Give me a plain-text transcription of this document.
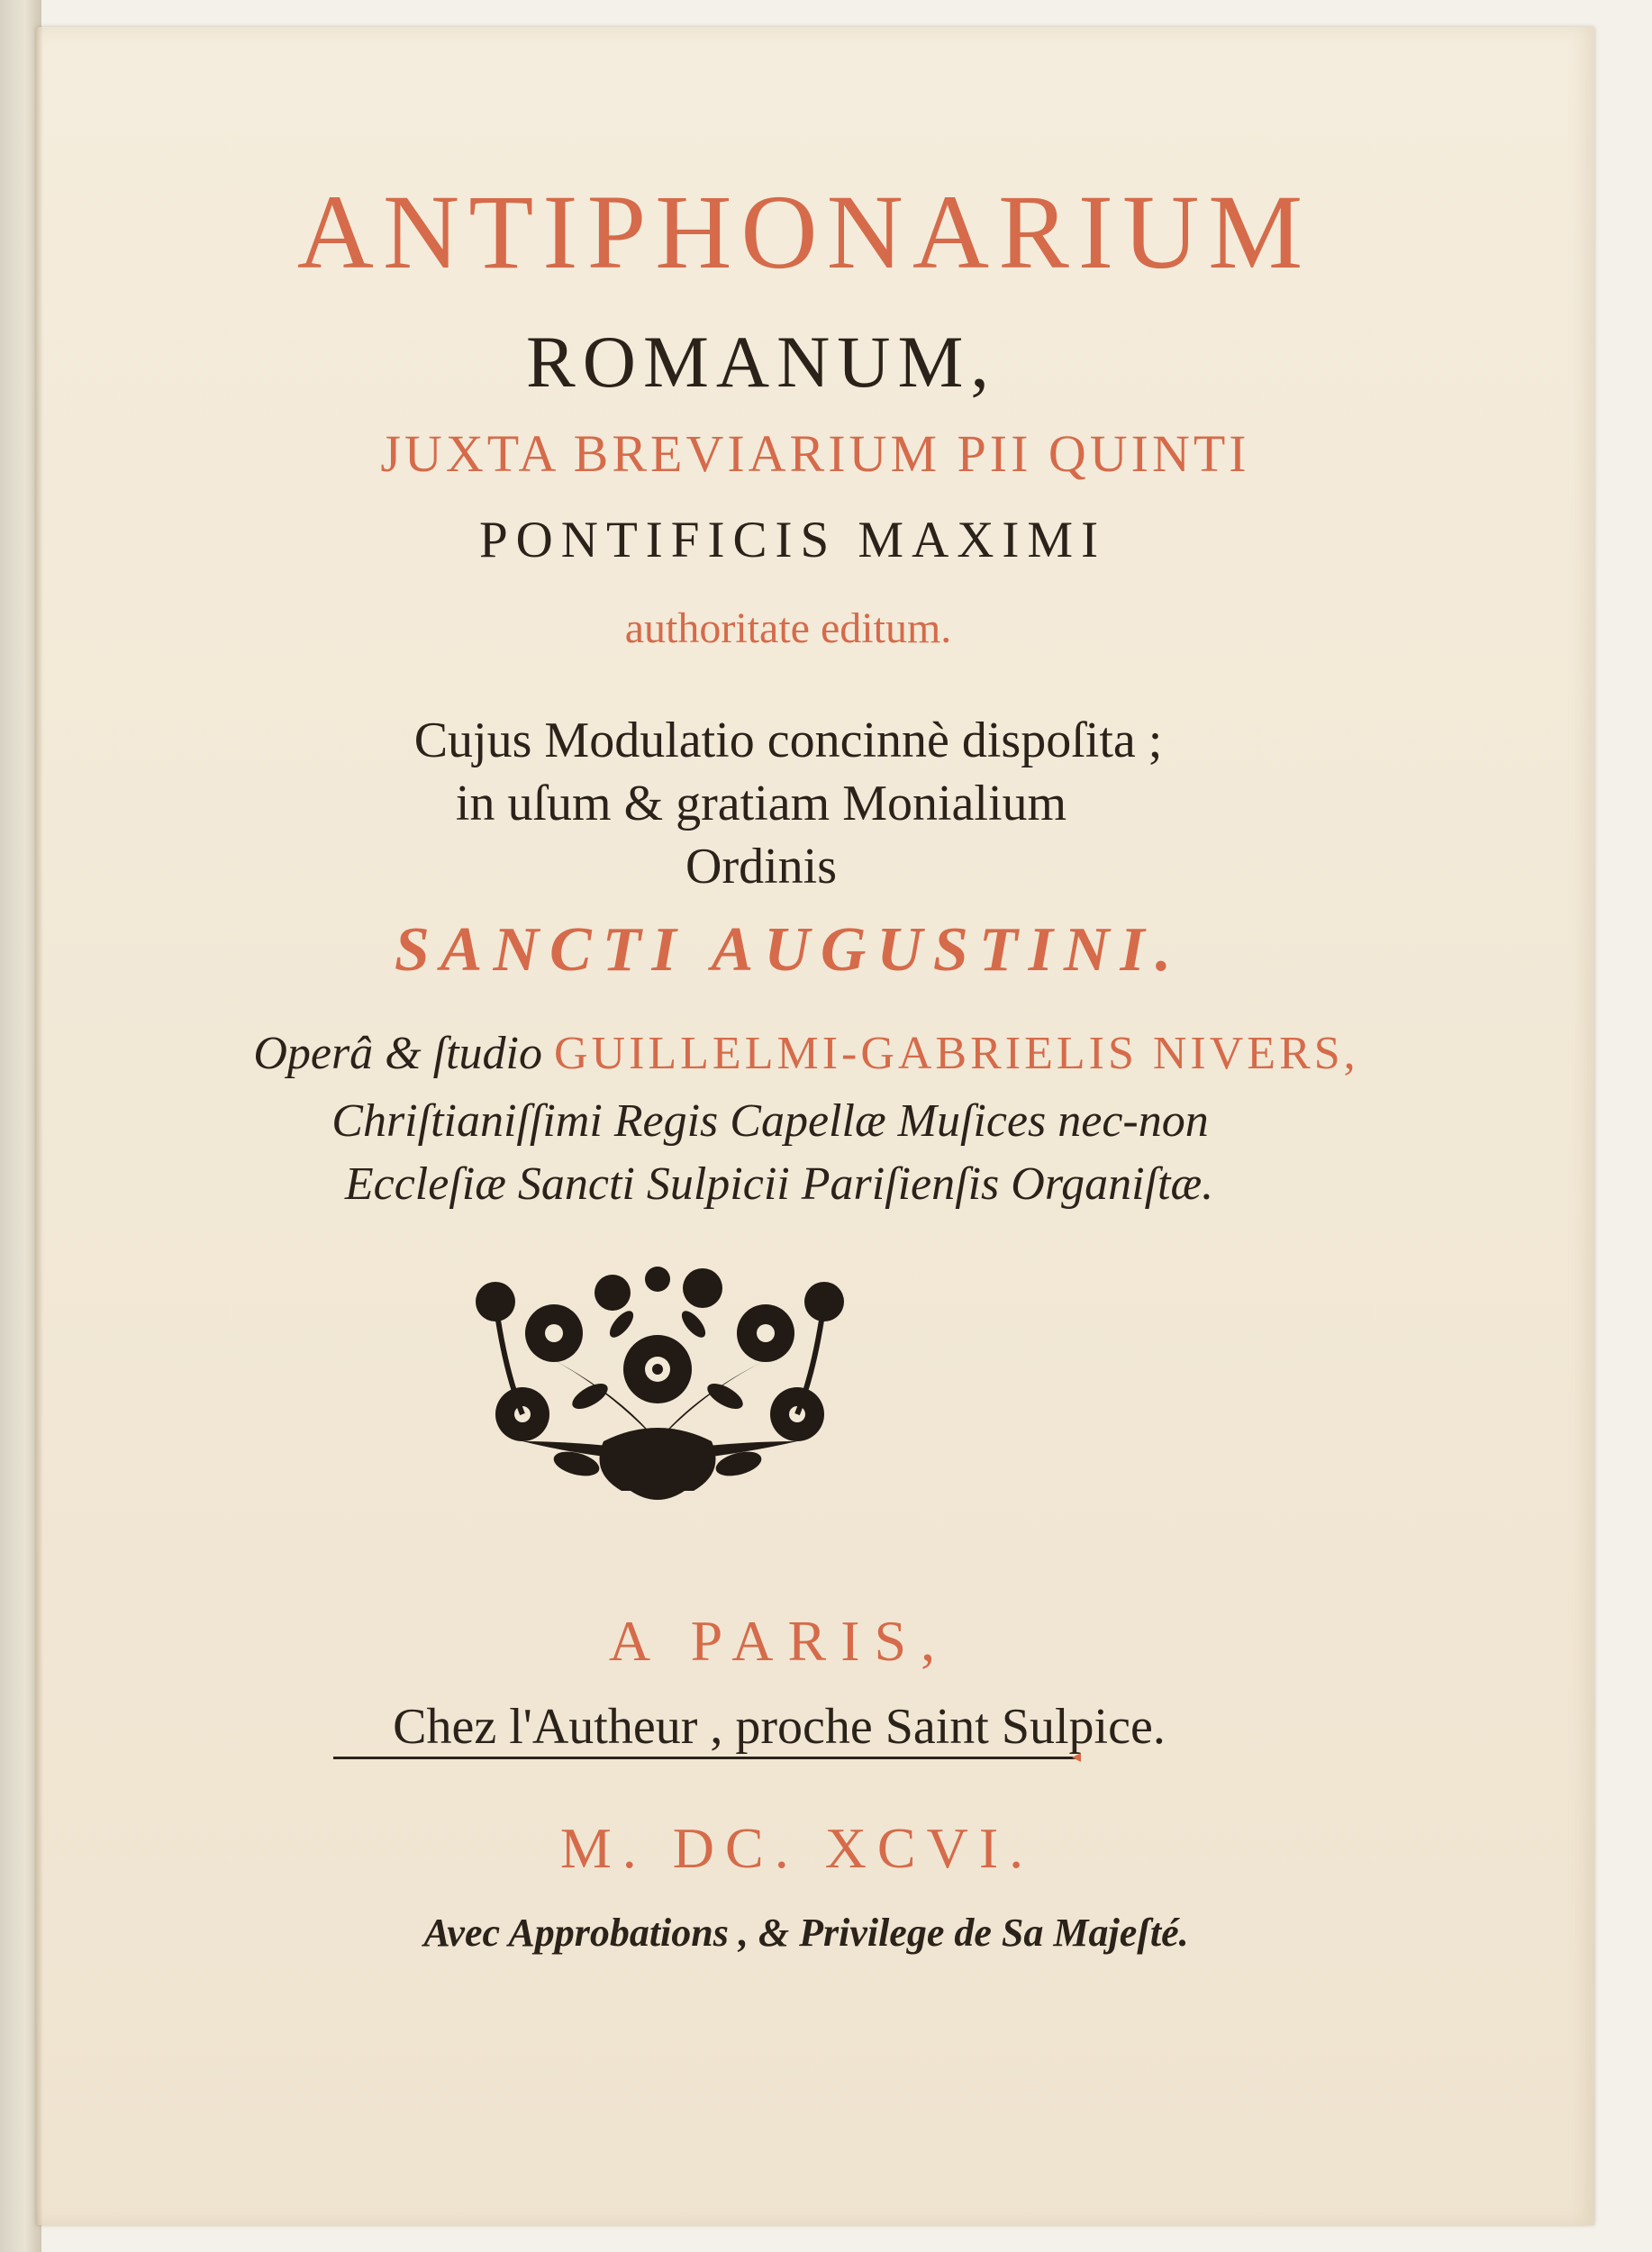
ANTIPHONARIUM
ROMANUM,
JUXTA BREVIARIUM PII QUINTI
PONTIFICIS MAXIMI
authoritate editum.
Cujus Modulatio concinnè dispoſita ;
in uſum & gratiam Monialium
Ordinis
SANCTI AUGUSTINI.
Operâ & ſtudio GUILLELMI-GABRIELIS NIVERS,
Chriſtianiſſimi Regis Capellæ Muſices nec-non
Eccleſiæ Sancti Sulpicii Pariſienſis Organiſtæ.
A PARIS,
Chez l'Autheur , proche Saint Sulpice.
M. DC. XCVI.
Avec Approbations , & Privilege de Sa Majeſté.
